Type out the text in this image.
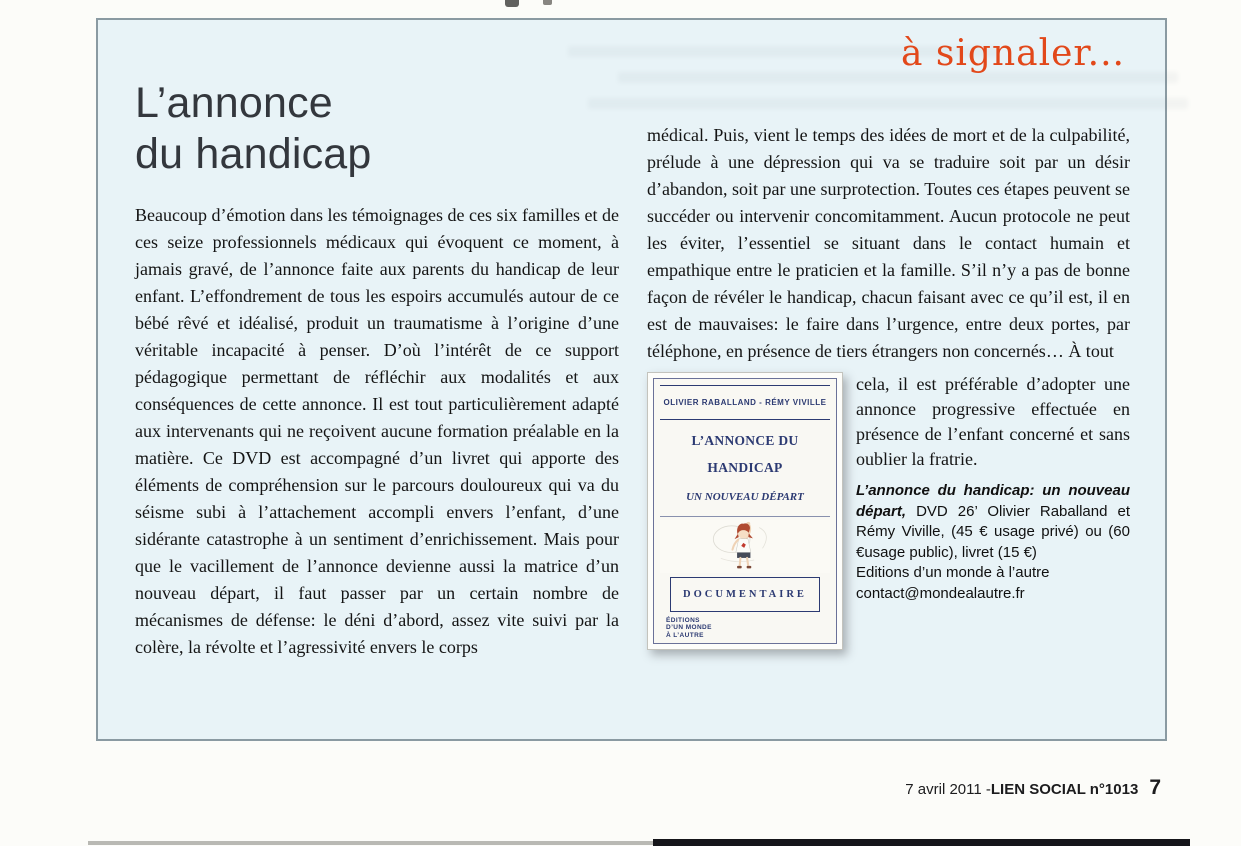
à signaler...
L’annonce
du handicap

Beaucoup d’émotion dans les témoignages de ces six familles et de ces seize professionnels médicaux qui évoquent ce moment, à jamais gravé, de l’annonce faite aux parents du handicap de leur enfant. L’effondrement de tous les espoirs accumulés autour de ce bébé rêvé et idéalisé, produit un traumatisme à l’origine d’une véritable incapacité à penser. D’où l’intérêt de ce support pédagogique permettant de réfléchir aux modalités et aux conséquences de cette annonce. Il est tout particulièrement adapté aux intervenants qui ne reçoivent aucune formation préalable en la matière. Ce DVD est accompagné d’un livret qui apporte des éléments de compréhension sur le parcours douloureux qui va du séisme subi à l’attachement accompli envers l’enfant, d’une sidérante catastrophe à un sentiment d’enrichissement. Mais pour que le vacillement de l’annonce devienne aussi la matrice d’un nouveau départ, il faut passer par un certain nombre de mécanismes de défense: le déni d’abord, assez vite suivi par la colère, la révolte et l’agressivité envers le corps

médical. Puis, vient le temps des idées de mort et de la culpabilité, prélude à une dépression qui va se traduire soit par un désir d’abandon, soit par une surprotection. Toutes ces étapes peuvent se succéder ou intervenir concomitamment. Aucun protocole ne peut les éviter, l’essentiel se situant dans le contact humain et empathique entre le praticien et la famille. S’il n’y a pas de bonne façon de révéler le handicap, chacun faisant avec ce qu’il est, il en est de mauvaises: le faire dans l’urgence, entre deux portes, par téléphone, en présence de tiers étrangers non concernés… À tout

OLIVIER RABALLAND - RÉMY VIVILLE
L’ANNONCE DU HANDICAP
UN NOUVEAU DÉPART
DOCUMENTAIRE
ÉDITIONS
D’UN MONDE
À L’AUTRE

cela, il est préférable d’adopter une annonce progressive effectuée en présence de l’enfant concerné et sans oublier la fratrie.

L’annonce du handicap: un nouveau départ, DVD 26’ Olivier Raballand et Rémy Viville, (45 € usage privé) ou (60 €usage public), livret (15 €)

Editions d’un monde à l’autre
contact@mondealautre.fr
7 avril 2011 - LIEN SOCIAL n°1013 7
